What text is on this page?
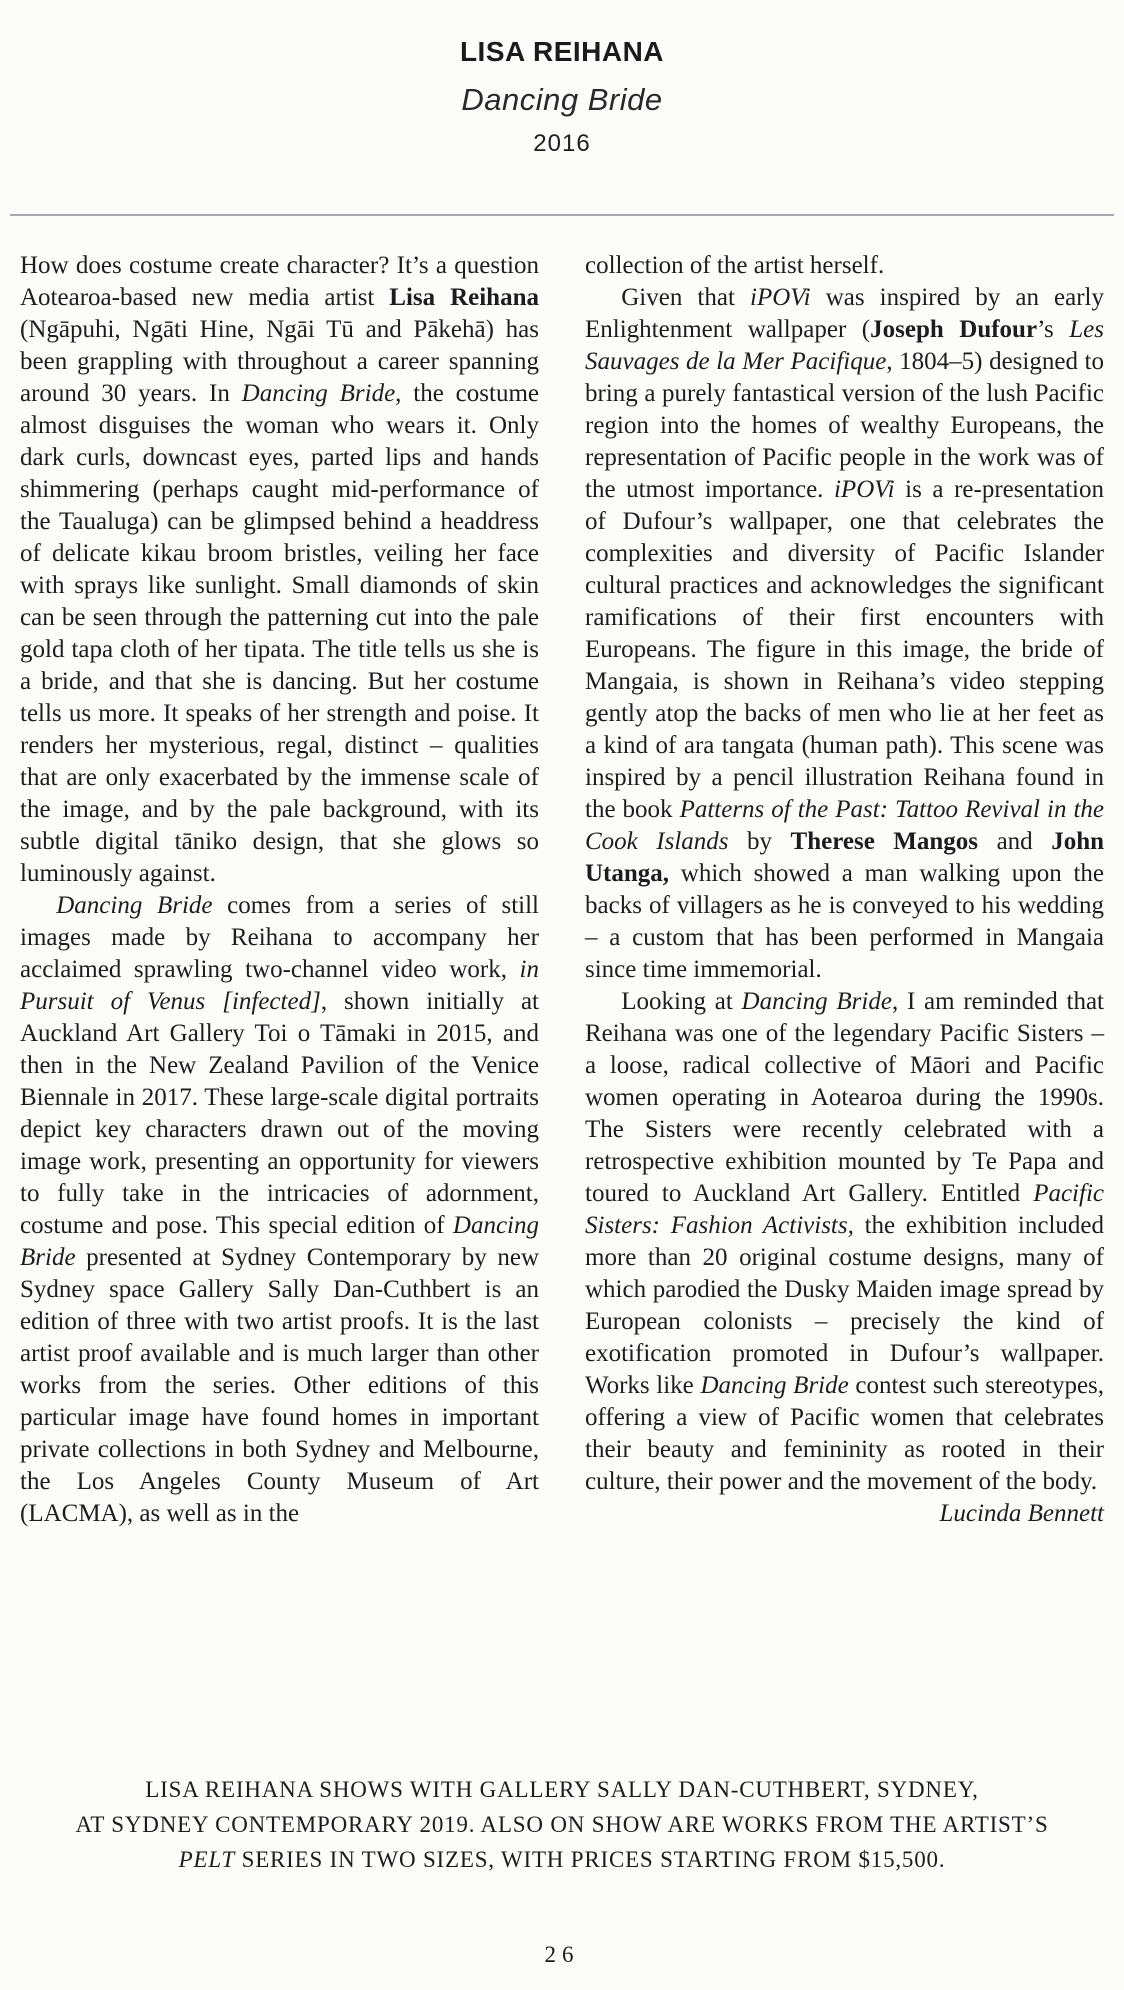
LISA REIHANA
Dancing Bride
2016

How does costume create character? It’s a question Aotearoa-based new media artist Lisa Reihana (Ngāpuhi, Ngāti Hine, Ngāi Tū and Pākehā) has been grappling with throughout a career spanning around 30 years. In Dancing Bride, the costume almost disguises the woman who wears it. Only dark curls, downcast eyes, parted lips and hands shimmering (perhaps caught mid-performance of the Taualuga) can be glimpsed behind a headdress of delicate kikau broom bristles, veiling her face with sprays like sunlight. Small diamonds of skin can be seen through the patterning cut into the pale gold tapa cloth of her tipata. The title tells us she is a bride, and that she is dancing. But her costume tells us more. It speaks of her strength and poise. It renders her mysterious, regal, distinct – qualities that are only exacerbated by the immense scale of the image, and by the pale background, with its subtle digital tāniko design, that she glows so luminously against.

Dancing Bride comes from a series of still images made by Reihana to accompany her acclaimed sprawling two-channel video work, in Pursuit of Venus [infected], shown initially at Auckland Art Gallery Toi o Tāmaki in 2015, and then in the New Zealand Pavilion of the Venice Biennale in 2017. These large-scale digital portraits depict key characters drawn out of the moving image work, presenting an opportunity for viewers to fully take in the intricacies of adornment, costume and pose. This special edition of Dancing Bride presented at Sydney Contemporary by new Sydney space Gallery Sally Dan-Cuthbert is an edition of three with two artist proofs. It is the last artist proof available and is much larger than other works from the series. Other editions of this particular image have found homes in important private collections in both Sydney and Melbourne, the Los Angeles County Museum of Art (LACMA), as well as in the

collection of the artist herself.

Given that iPOVi was inspired by an early Enlightenment wallpaper (Joseph Dufour’s Les Sauvages de la Mer Pacifique, 1804–5) designed to bring a purely fantastical version of the lush Pacific region into the homes of wealthy Europeans, the representation of Pacific people in the work was of the utmost importance. iPOVi is a re-presentation of Dufour’s wallpaper, one that celebrates the complexities and diversity of Pacific Islander cultural practices and acknowledges the significant ramifications of their first encounters with Europeans. The figure in this image, the bride of Mangaia, is shown in Reihana’s video stepping gently atop the backs of men who lie at her feet as a kind of ara tangata (human path). This scene was inspired by a pencil illustration Reihana found in the book Patterns of the Past: Tattoo Revival in the Cook Islands by Therese Mangos and John Utanga, which showed a man walking upon the backs of villagers as he is conveyed to his wedding – a custom that has been performed in Mangaia since time immemorial.

Looking at Dancing Bride, I am reminded that Reihana was one of the legendary Pacific Sisters – a loose, radical collective of Māori and Pacific women operating in Aotearoa during the 1990s. The Sisters were recently celebrated with a retrospective exhibition mounted by Te Papa and toured to Auckland Art Gallery. Entitled Pacific Sisters: Fashion Activists, the exhibition included more than 20 original costume designs, many of which parodied the Dusky Maiden image spread by European colonists – precisely the kind of exotification promoted in Dufour’s wallpaper. Works like Dancing Bride contest such stereotypes, offering a view of Pacific women that celebrates their beauty and femininity as rooted in their culture, their power and the movement of the body.

Lucinda Bennett

LISA REIHANA SHOWS WITH GALLERY SALLY DAN-CUTHBERT, SYDNEY,

AT SYDNEY CONTEMPORARY 2019. ALSO ON SHOW ARE WORKS FROM THE ARTIST’S

PELT SERIES IN TWO SIZES, WITH PRICES STARTING FROM $15,500.

26
